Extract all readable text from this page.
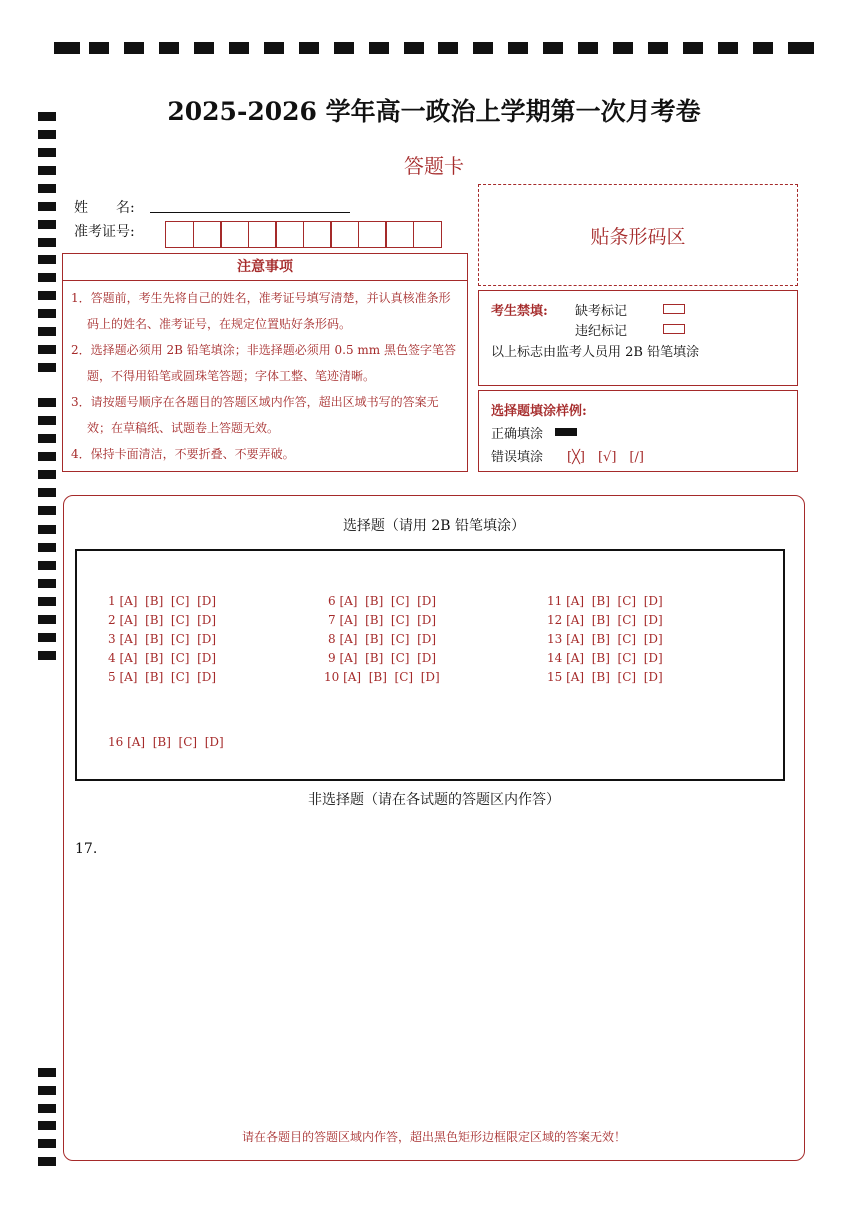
2025-2026 学年高一政治上学期第一次月考卷
答题卡
姓　　名:
准考证号:
注意事项
1．答题前，考生先将自己的姓名，准考证号填写清楚，并认真核准条形码上的姓名、准考证号，在规定位置贴好条形码。
2．选择题必须用 2B 铅笔填涂；非选择题必须用 0.5 mm 黑色签字笔答题，不得用铅笔或圆珠笔答题；字体工整、笔迹清晰。
3．请按题号顺序在各题目的答题区域内作答，超出区域书写的答案无效；在草稿纸、试题卷上答题无效。
4．保持卡面清洁，不要折叠、不要弄破。
贴条形码区
考生禁填: 缺考标记
违纪标记
以上标志由监考人员用 2B 铅笔填涂
选择题填涂样例:
正确填涂
错误填涂 [╳]　[√]　[/]
选择题（请用 2B 铅笔填涂）
1 [A]  [B]  [C]  [D]
2 [A]  [B]  [C]  [D]
3 [A]  [B]  [C]  [D]
4 [A]  [B]  [C]  [D]
5 [A]  [B]  [C]  [D]
6 [A]  [B]  [C]  [D]
7 [A]  [B]  [C]  [D]
8 [A]  [B]  [C]  [D]
9 [A]  [B]  [C]  [D]
10 [A]  [B]  [C]  [D]
11 [A]  [B]  [C]  [D]
12 [A]  [B]  [C]  [D]
13 [A]  [B]  [C]  [D]
14 [A]  [B]  [C]  [D]
15 [A]  [B]  [C]  [D]
16 [A]  [B]  [C]  [D]
非选择题（请在各试题的答题区内作答）
17.
请在各题目的答题区域内作答，超出黑色矩形边框限定区域的答案无效！
